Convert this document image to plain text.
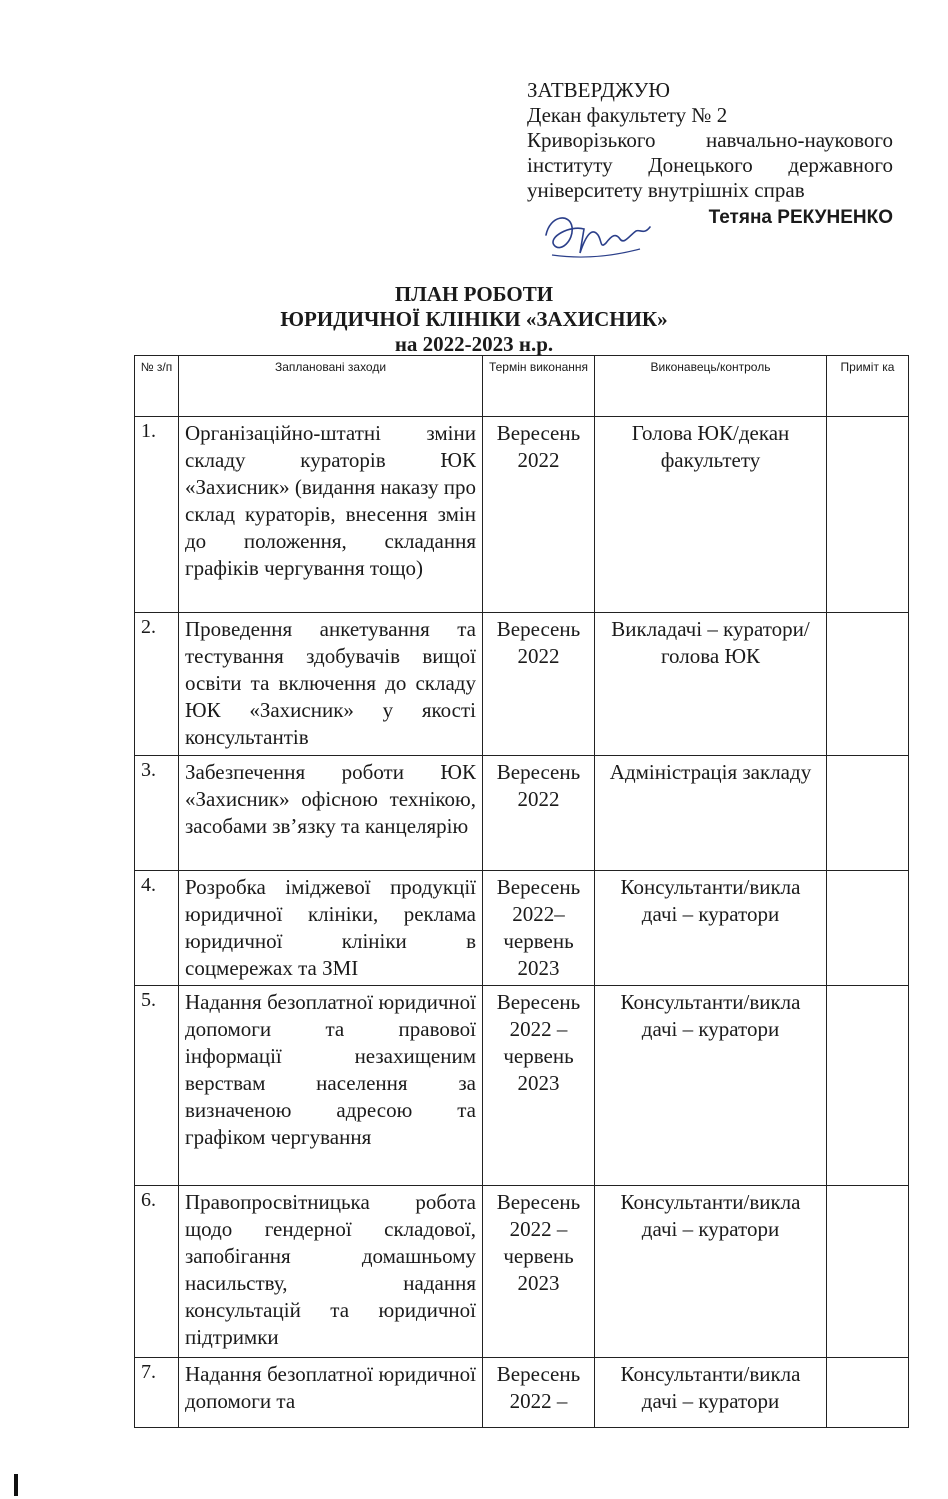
ЗАТВЕРДЖУЮ
Декан факультету № 2
Криворізького навчально-наукового
інституту Донецького державного
університету внутрішніх справ
Тетяна РЕКУНЕНКО
ПЛАН РОБОТИ
ЮРИДИЧНОЇ КЛІНІКИ «ЗАХИСНИК»
на 2022-2023 н.р.
№ з/п	Заплановані заходи	Термін виконання	Виконавець/контроль	Приміт ка
1.	Організаційно-штатні зміни складу кураторів ЮК «Захисник» (видання наказу про склад кураторів, внесення змін до положення, складання графіків чергування тощо)	Вересень 2022	Голова ЮК/декан факультету	
2.	Проведення анкетування та тестування здобувачів вищої освіти та включення до складу ЮК «Захисник» у якості консультантів	Вересень 2022	Викладачі – куратори/голова ЮК	
3.	Забезпечення роботи ЮК «Захисник» офісною технікою, засобами зв’язку та канцелярію	Вересень 2022	Адміністрація закладу	
4.	Розробка іміджевої продукції юридичної клініки, реклама юридичної клініки в соцмережах та ЗМІ	Вересень 2022– червень 2023	Консультанти/викла дачі – куратори	
5.	Надання безоплатної юридичної допомоги та правової інформації незахищеним верствам населення за визначеною адресою та графіком чергування	Вересень 2022 – червень 2023	Консультанти/викла дачі – куратори	
6.	Правопросвітницька робота щодо гендерної складової, запобігання домашньому насильству, надання консультацій та юридичної підтримки	Вересень 2022 – червень 2023	Консультанти/викла дачі – куратори	
7.	Надання безоплатної юридичної допомоги та	Вересень 2022 –	Консультанти/викла дачі – куратори	
